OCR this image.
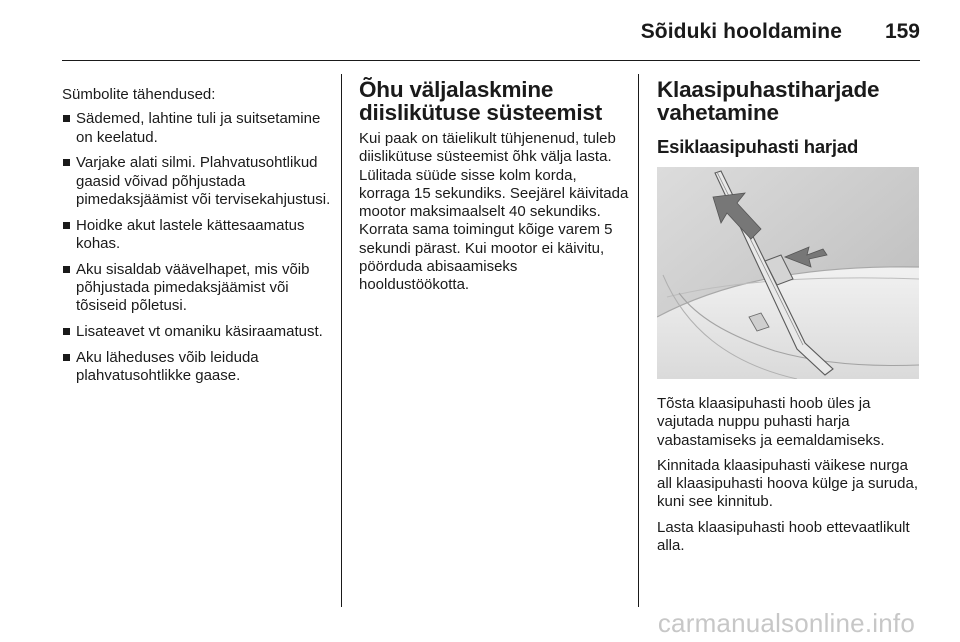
Sõiduki hooldamine 159

Sümbolite tähendused:

Sädemed, lahtine tuli ja suitsetamine on keelatud.
Varjake alati silmi. Plahvatusohtlikud gaasid võivad põhjustada pimedaksjäämist või tervisekahjustusi.
Hoidke akut lastele kättesaamatus kohas.
Aku sisaldab väävelhapet, mis võib põhjustada pimedaksjäämist või tõsiseid põletusi.
Lisateavet vt omaniku käsiraamatust.
Aku läheduses võib leiduda plahvatusohtlikke gaase.
Õhu väljalaskmine diislikütuse süsteemist

Kui paak on täielikult tühjenenud, tuleb diislikütuse süsteemist õhk välja lasta. Lülitada süüde sisse kolm korda, korraga 15 sekundiks. Seejärel käivitada mootor maksimaalselt 40 sekundiks. Korrata sama toimingut kõige varem 5 sekundi pärast. Kui mootor ei käivitu, pöörduda abisaamiseks hooldustöökotta.

Klaasipuhastiharjade vahetamine
Esiklaasipuhasti harjad

Tõsta klaasipuhasti hoob üles ja vajutada nuppu puhasti harja vabastamiseks ja eemaldamiseks.

Kinnitada klaasipuhasti väikese nurga all klaasipuhasti hoova külge ja suruda, kuni see kinnitub.

Lasta klaasipuhasti hoob ettevaatlikult alla.

carmanualsonline.info
